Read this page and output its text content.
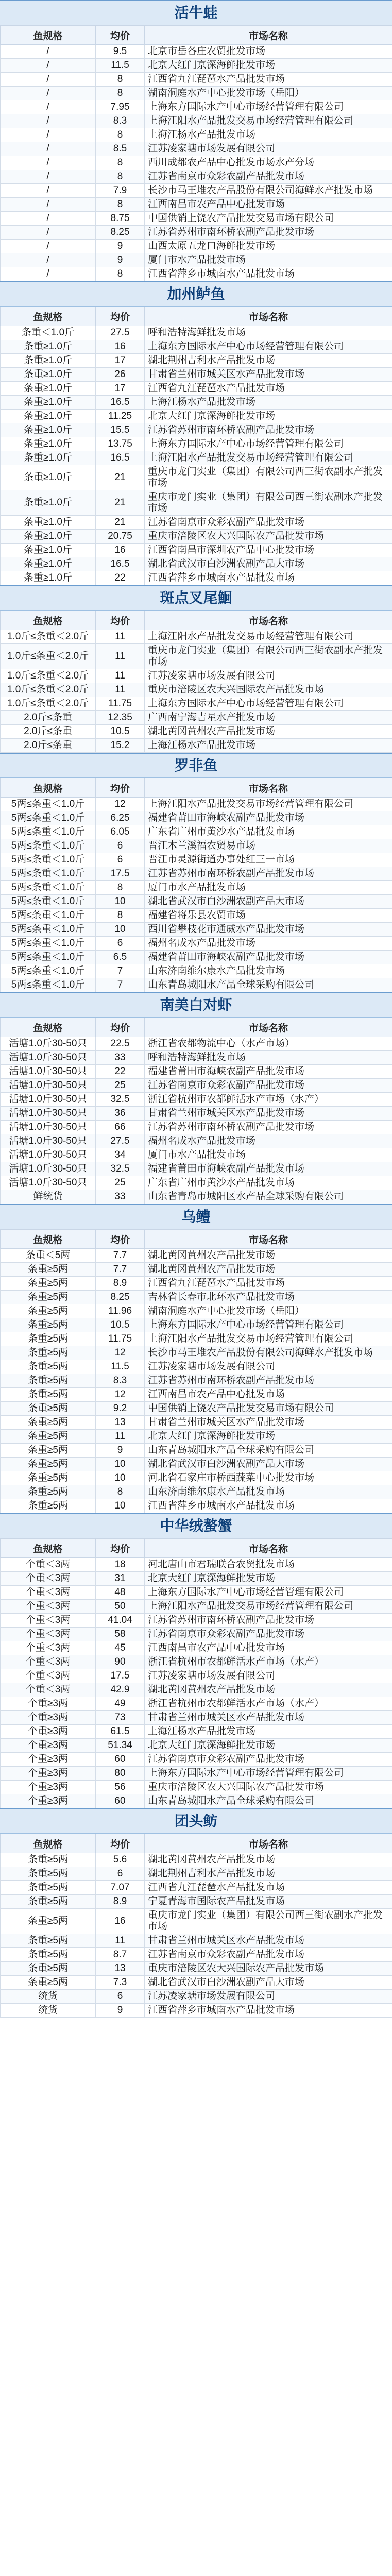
活牛蛙
鱼规格	均价	市场名称
/	9.5	北京市岳各庄农贸批发市场
/	11.5	北京大红门京深海鲜批发市场
/	8	江西省九江琵琶水产品批发市场
/	8	湖南洞庭水产中心批发市场（岳阳）
/	7.95	上海东方国际水产中心市场经营管理有限公司
/	8.3	上海江阳水产品批发交易市场经营管理有限公司
/	8	上海江杨水产品批发市场
/	8.5	江苏凌家塘市场发展有限公司
/	8	西川成都农产品中心批发市场水产分场
/	8	江苏省南京市众彩农副产品批发市场
/	7.9	长沙市马王堆农产品股份有限公司海鲜水产批发市场
/	8	江西南昌市农产品中心批发市场
/	8.75	中国供销上饶农产品批发交易市场有限公司
/	8.25	江苏省苏州市南环桥农副产品批发市场
/	9	山西太原五龙口海鲜批发市场
/	9	厦门市水产品批发市场
/	8	江西省萍乡市城南水产品批发市场
加州鲈鱼
鱼规格	均价	市场名称
条重＜1.0斤	27.5	呼和浩特海鲜批发市场
条重≥1.0斤	16	上海东方国际水产中心市场经营管理有限公司
条重≥1.0斤	17	湖北荆州吉利水产品批发市场
条重≥1.0斤	26	甘肃省兰州市城关区水产品批发市场
条重≥1.0斤	17	江西省九江琵琶水产品批发市场
条重≥1.0斤	16.5	上海江杨水产品批发市场
条重≥1.0斤	11.25	北京大红门京深海鲜批发市场
条重≥1.0斤	15.5	江苏省苏州市南环桥农副产品批发市场
条重≥1.0斤	13.75	上海东方国际水产中心市场经营管理有限公司
条重≥1.0斤	16.5	上海江阳水产品批发交易市场经营管理有限公司
条重≥1.0斤	21	重庆市龙门实业（集团）有限公司西三街农副水产批发市场
条重≥1.0斤	21	重庆市龙门实业（集团）有限公司西三街农副水产批发市场
条重≥1.0斤	21	江苏省南京市众彩农副产品批发市场
条重≥1.0斤	20.75	重庆市涪陵区农大兴国际农产品批发市场
条重≥1.0斤	16	江西省南昌市深圳农产品中心批发市场
条重≥1.0斤	16.5	湖北省武汉市白沙洲农副产品大市场
条重≥1.0斤	22	江西省萍乡市城南水产品批发市场
斑点叉尾鮰
鱼规格	均价	市场名称
1.0斤≤条重＜2.0斤	11	上海江阳水产品批发交易市场经营管理有限公司
1.0斤≤条重＜2.0斤	11	重庆市龙门实业（集团）有限公司西三街农副水产批发市场
1.0斤≤条重＜2.0斤	11	江苏凌家塘市场发展有限公司
1.0斤≤条重＜2.0斤	11	重庆市涪陵区农大兴国际农产品批发市场
1.0斤≤条重＜2.0斤	11.75	上海东方国际水产中心市场经营管理有限公司
2.0斤≤条重	12.35	广西南宁海吉星水产批发市场
2.0斤≤条重	10.5	湖北黄冈黄州农产品批发市场
2.0斤≤条重	15.2	上海江杨水产品批发市场
罗非鱼
鱼规格	均价	市场名称
5两≤条重＜1.0斤	12	上海江阳水产品批发交易市场经营管理有限公司
5两≤条重＜1.0斤	6.25	福建省莆田市海峡农副产品批发市场
5两≤条重＜1.0斤	6.05	广东省广州市黄沙水产品批发市场
5两≤条重＜1.0斤	6	晋江木兰溪福农贸易市场
5两≤条重＜1.0斤	6	晋江市灵源街道办事处红三一市场
5两≤条重＜1.0斤	17.5	江苏省苏州市南环桥农副产品批发市场
5两≤条重＜1.0斤	8	厦门市水产品批发市场
5两≤条重＜1.0斤	10	湖北省武汉市白沙洲农副产品大市场
5两≤条重＜1.0斤	8	福建省将乐县农贸市场
5两≤条重＜1.0斤	10	西川省攀枝花市通威水产品批发市场
5两≤条重＜1.0斤	6	福州名成水产品批发市场
5两≤条重＜1.0斤	6.5	福建省莆田市海峡农副产品批发市场
5两≤条重＜1.0斤	7	山东济南维尔康水产品批发市场
5两≤条重＜1.0斤	7	山东青岛城阳水产品全球采购有限公司
南美白对虾
鱼规格	均价	市场名称
活塘1.0斤30-50只	22.5	浙江省农都物流中心（水产市场）
活塘1.0斤30-50只	33	呼和浩特海鲜批发市场
活塘1.0斤30-50只	22	福建省莆田市海峡农副产品批发市场
活塘1.0斤30-50只	25	江苏省南京市众彩农副产品批发市场
活塘1.0斤30-50只	32.5	浙江省杭州市农都鲜活水产市场（水产）
活塘1.0斤30-50只	36	甘肃省兰州市城关区水产品批发市场
活塘1.0斤30-50只	66	江苏省苏州市南环桥农副产品批发市场
活塘1.0斤30-50只	27.5	福州名成水产品批发市场
活塘1.0斤30-50只	34	厦门市水产品批发市场
活塘1.0斤30-50只	32.5	福建省莆田市海峡农副产品批发市场
活塘1.0斤30-50只	25	广东省广州市黄沙水产品批发市场
鲜统货	33	山东省青岛市城阳区水产品全球采购有限公司
乌鳢
鱼规格	均价	市场名称
条重＜5两	7.7	湖北黄冈黄州农产品批发市场
条重≥5两	7.7	湖北黄冈黄州农产品批发市场
条重≥5两	8.9	江西省九江琵琶水产品批发市场
条重≥5两	8.25	吉林省长春市北环水产品批发市场
条重≥5两	11.96	湖南洞庭水产中心批发市场（岳阳）
条重≥5两	10.5	上海东方国际水产中心市场经营管理有限公司
条重≥5两	11.75	上海江阳水产品批发交易市场经营管理有限公司
条重≥5两	12	长沙市马王堆农产品股份有限公司海鲜水产批发市场
条重≥5两	11.5	江苏凌家塘市场发展有限公司
条重≥5两	8.3	江苏省苏州市南环桥农副产品批发市场
条重≥5两	12	江西南昌市农产品中心批发市场
条重≥5两	9.2	中国供销上饶农产品批发交易市场有限公司
条重≥5两	13	甘肃省兰州市城关区水产品批发市场
条重≥5两	11	北京大红门京深海鲜批发市场
条重≥5两	9	山东青岛城阳水产品全球采购有限公司
条重≥5两	10	湖北省武汉市白沙洲农副产品大市场
条重≥5两	10	河北省石家庄市桥西蔬菜中心批发市场
条重≥5两	8	山东济南维尔康水产品批发市场
条重≥5两	10	江西省萍乡市城南水产品批发市场
中华绒螯蟹
鱼规格	均价	市场名称
个重＜3两	18	河北唐山市君瑞联合农贸批发市场
个重＜3两	31	北京大红门京深海鲜批发市场
个重＜3两	48	上海东方国际水产中心市场经营管理有限公司
个重＜3两	50	上海江阳水产品批发交易市场经营管理有限公司
个重＜3两	41.04	江苏省苏州市南环桥农副产品批发市场
个重＜3两	58	江苏省南京市众彩农副产品批发市场
个重＜3两	45	江西南昌市农产品中心批发市场
个重＜3两	90	浙江省杭州市农都鲜活水产市场（水产）
个重＜3两	17.5	江苏凌家塘市场发展有限公司
个重＜3两	42.9	湖北黄冈黄州农产品批发市场
个重≥3两	49	浙江省杭州市农都鲜活水产市场（水产）
个重≥3两	73	甘肃省兰州市城关区水产品批发市场
个重≥3两	61.5	上海江杨水产品批发市场
个重≥3两	51.34	北京大红门京深海鲜批发市场
个重≥3两	60	江苏省南京市众彩农副产品批发市场
个重≥3两	80	上海东方国际水产中心市场经营管理有限公司
个重≥3两	56	重庆市涪陵区农大兴国际农产品批发市场
个重≥3两	60	山东青岛城阳水产品全球采购有限公司
团头鲂
鱼规格	均价	市场名称
条重≥5两	5.6	湖北黄冈黄州农产品批发市场
条重≥5两	6	湖北荆州吉利水产品批发市场
条重≥5两	7.07	江西省九江琵琶水产品批发市场
条重≥5两	8.9	宁夏青海市国际农产品批发市场
条重≥5两	16	重庆市龙门实业（集团）有限公司西三街农副水产批发市场
条重≥5两	11	甘肃省兰州市城关区水产品批发市场
条重≥5两	8.7	江苏省南京市众彩农副产品批发市场
条重≥5两	13	重庆市涪陵区农大兴国际农产品批发市场
条重≥5两	7.3	湖北省武汉市白沙洲农副产品大市场
统货	6	江苏凌家塘市场发展有限公司
统货	9	江西省萍乡市城南水产品批发市场
